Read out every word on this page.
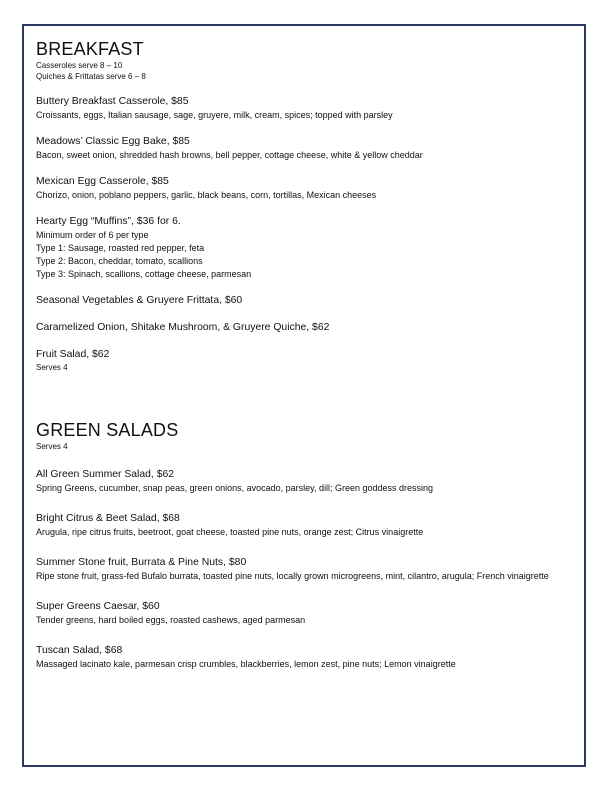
BREAKFAST

Casseroles serve 8 – 10

Quiches & Frittatas serve 6 – 8

Buttery Breakfast Casserole, $85

Croissants, eggs, Italian sausage, sage, gruyere, milk, cream, spices; topped with parsley

Meadows’ Classic Egg Bake, $85

Bacon, sweet onion, shredded hash browns, bell pepper, cottage cheese, white & yellow cheddar

Mexican Egg Casserole, $85

Chorizo, onion, poblano peppers, garlic, black beans, corn, tortillas, Mexican cheeses

Hearty Egg “Muffins”, $36 for 6.

Minimum order of 6 per type

Type 1: Sausage, roasted red pepper, feta

Type 2: Bacon, cheddar, tomato, scallions

Type 3: Spinach, scallions, cottage cheese, parmesan

Seasonal Vegetables & Gruyere Frittata, $60

Caramelized Onion, Shitake Mushroom, & Gruyere Quiche, $62

Fruit Salad, $62

Serves 4

GREEN SALADS

Serves 4

All Green Summer Salad, $62

Spring Greens, cucumber, snap peas, green onions, avocado, parsley, dill; Green goddess dressing

Bright Citrus & Beet Salad, $68

Arugula, ripe citrus fruits, beetroot, goat cheese, toasted pine nuts, orange zest; Citrus vinaigrette

Summer Stone fruit, Burrata & Pine Nuts, $80

Ripe stone fruit, grass-fed Bufalo burrata, toasted pine nuts, locally grown microgreens, mint, cilantro, arugula; French vinaigrette

Super Greens Caesar, $60

Tender greens, hard boiled eggs, roasted cashews, aged parmesan

Tuscan Salad, $68

Massaged lacinato kale, parmesan crisp crumbles, blackberries, lemon zest, pine nuts; Lemon vinaigrette
